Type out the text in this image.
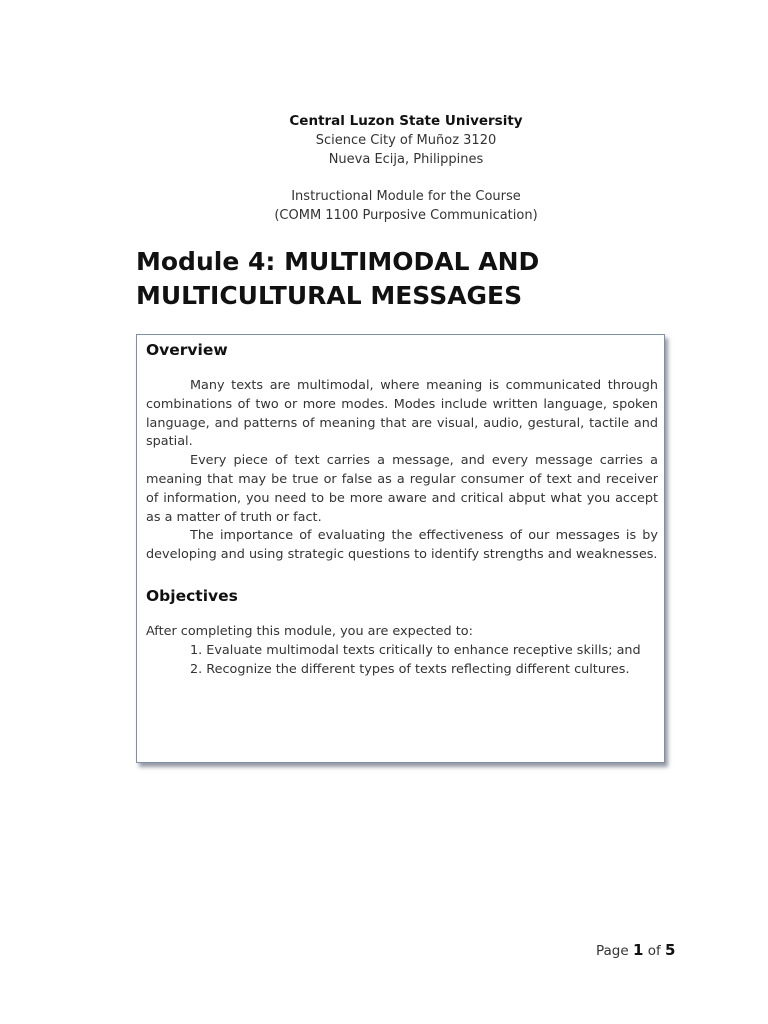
Central Luzon State University
Science City of Muñoz 3120
Nueva Ecija, Philippines
Instructional Module for the Course
(COMM 1100 Purposive Communication)
Module 4: MULTIMODAL AND
MULTICULTURAL MESSAGES
Overview

Many texts are multimodal, where meaning is communicated through combinations of two or more modes. Modes include written language, spoken language, and patterns of meaning that are visual, audio, gestural, tactile and spatial.

Every piece of text carries a message, and every message carries a meaning that may be true or false as a regular consumer of text and receiver of information, you need to be more aware and critical abput what you accept as a matter of truth or fact.

The importance of evaluating the effectiveness of our messages is by developing and using strategic questions to identify strengths and weaknesses.

Objectives

After completing this module, you are expected to:

1. Evaluate multimodal texts critically to enhance receptive skills; and
2. Recognize the different types of texts reflecting different cultures.
Page 1 of 5
